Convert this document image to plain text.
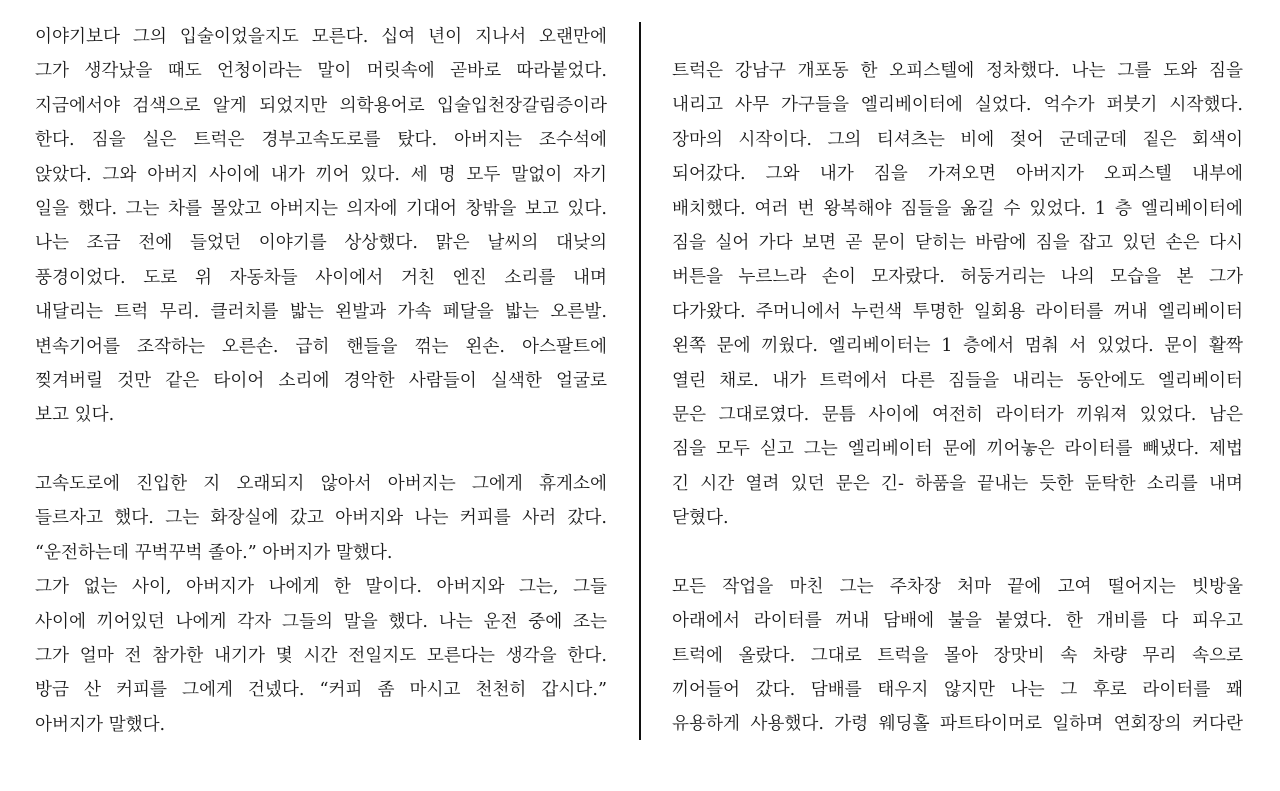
이야기보다 그의 입술이었을지도 모른다. 십여 년이 지나서 오랜만에
그가 생각났을 때도 언청이라는 말이 머릿속에 곧바로 따라붙었다.
지금에서야 검색으로 알게 되었지만 의학용어로 입술입천장갈림증이라
한다. 짐을 실은 트럭은 경부고속도로를 탔다. 아버지는 조수석에
앉았다. 그와 아버지 사이에 내가 끼어 있다. 세 명 모두 말없이 자기
일을 했다. 그는 차를 몰았고 아버지는 의자에 기대어 창밖을 보고 있다.
나는 조금 전에 들었던 이야기를 상상했다. 맑은 날씨의 대낮의
풍경이었다. 도로 위 자동차들 사이에서 거친 엔진 소리를 내며
내달리는 트럭 무리. 클러치를 밟는 왼발과 가속 페달을 밟는 오른발.
변속기어를 조작하는 오른손. 급히 핸들을 꺾는 왼손. 아스팔트에
찢겨버릴 것만 같은 타이어 소리에 경악한 사람들이 실색한 얼굴로
보고 있다.
고속도로에 진입한 지 오래되지 않아서 아버지는 그에게 휴게소에
들르자고 했다. 그는 화장실에 갔고 아버지와 나는 커피를 사러 갔다.
“운전하는데 꾸벅꾸벅 졸아.” 아버지가 말했다.
그가 없는 사이, 아버지가 나에게 한 말이다. 아버지와 그는, 그들
사이에 끼어있던 나에게 각자 그들의 말을 했다. 나는 운전 중에 조는
그가 얼마 전 참가한 내기가 몇 시간 전일지도 모른다는 생각을 한다.
방금 산 커피를 그에게 건넸다. “커피 좀 마시고 천천히 갑시다.”
아버지가 말했다.
트럭은 강남구 개포동 한 오피스텔에 정차했다. 나는 그를 도와 짐을
내리고 사무 가구들을 엘리베이터에 실었다. 억수가 퍼붓기 시작했다.
장마의 시작이다. 그의 티셔츠는 비에 젖어 군데군데 짙은 회색이
되어갔다. 그와 내가 짐을 가져오면 아버지가 오피스텔 내부에
배치했다. 여러 번 왕복해야 짐들을 옮길 수 있었다. 1 층 엘리베이터에
짐을 실어 가다 보면 곧 문이 닫히는 바람에 짐을 잡고 있던 손은 다시
버튼을 누르느라 손이 모자랐다. 허둥거리는 나의 모습을 본 그가
다가왔다. 주머니에서 누런색 투명한 일회용 라이터를 꺼내 엘리베이터
왼쪽 문에 끼웠다. 엘리베이터는 1 층에서 멈춰 서 있었다. 문이 활짝
열린 채로. 내가 트럭에서 다른 짐들을 내리는 동안에도 엘리베이터
문은 그대로였다. 문틈 사이에 여전히 라이터가 끼워져 있었다. 남은
짐을 모두 싣고 그는 엘리베이터 문에 끼어놓은 라이터를 빼냈다. 제법
긴 시간 열려 있던 문은 긴- 하품을 끝내는 듯한 둔탁한 소리를 내며
닫혔다.
모든 작업을 마친 그는 주차장 처마 끝에 고여 떨어지는 빗방울
아래에서 라이터를 꺼내 담배에 불을 붙였다. 한 개비를 다 피우고
트럭에 올랐다. 그대로 트럭을 몰아 장맛비 속 차량 무리 속으로
끼어들어 갔다. 담배를 태우지 않지만 나는 그 후로 라이터를 꽤
유용하게 사용했다. 가령 웨딩홀 파트타이머로 일하며 연회장의 커다란
